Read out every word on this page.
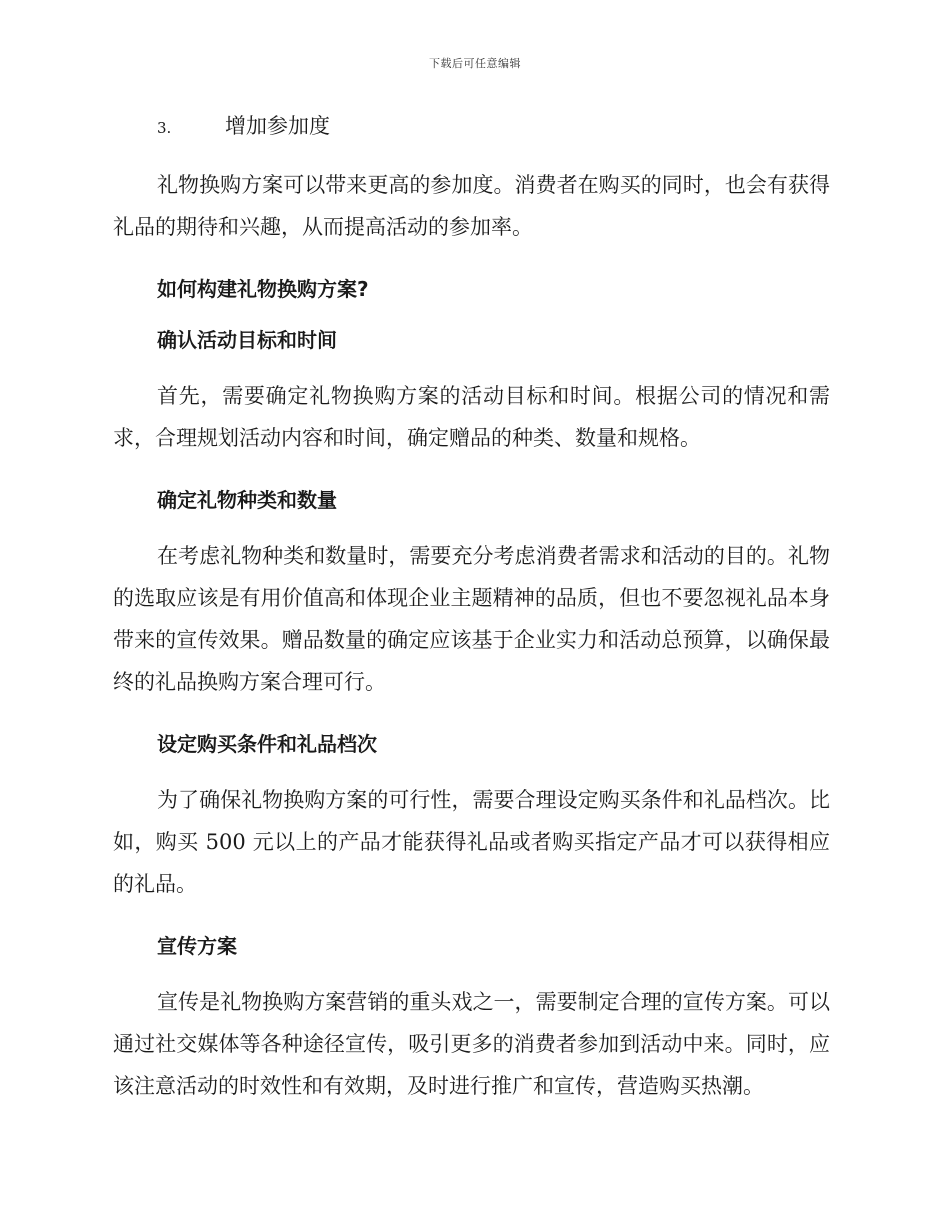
下载后可任意编辑
3.	增加参加度

礼物换购方案可以带来更高的参加度。消费者在购买的同时，也会有获得礼品的期待和兴趣，从而提高活动的参加率。

如何构建礼物换购方案?
确认活动目标和时间

首先，需要确定礼物换购方案的活动目标和时间。根据公司的情况和需求，合理规划活动内容和时间，确定赠品的种类、数量和规格。

确定礼物种类和数量

在考虑礼物种类和数量时，需要充分考虑消费者需求和活动的目的。礼物的选取应该是有用价值高和体现企业主题精神的品质，但也不要忽视礼品本身带来的宣传效果。赠品数量的确定应该基于企业实力和活动总预算，以确保最终的礼品换购方案合理可行。

设定购买条件和礼品档次

为了确保礼物换购方案的可行性，需要合理设定购买条件和礼品档次。比如，购买 500 元以上的产品才能获得礼品或者购买指定产品才可以获得相应的礼品。

宣传方案

宣传是礼物换购方案营销的重头戏之一，需要制定合理的宣传方案。可以通过社交媒体等各种途径宣传，吸引更多的消费者参加到活动中来。同时，应该注意活动的时效性和有效期，及时进行推广和宣传，营造购买热潮。
